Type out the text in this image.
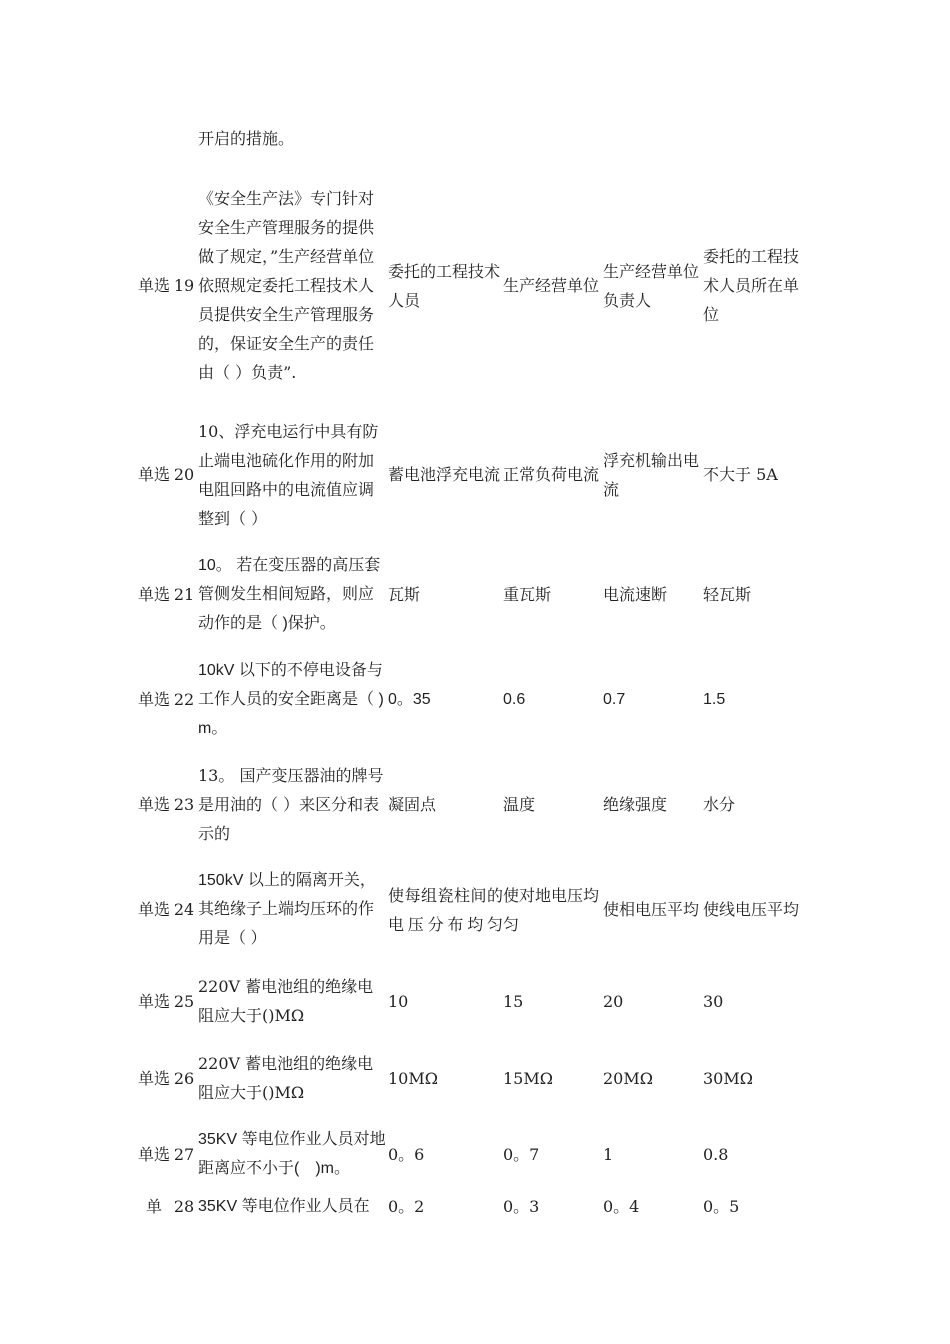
开启的措施。
单选	19	《安全生产法》专门针对安全生产管理服务的提供做了规定，”生产经营单位依照规定委托工程技术人员提供安全生产管理服务的，保证安全生产的责任由（ ）负责”.	委托的工程技术人员	生产经营单位	生产经营单位负责人	委托的工程技术人员所在单位
单选	20	10、浮充电运行中具有防止端电池硫化作用的附加电阻回路中的电流值应调整到（ ）	蓄电池浮充电流	正常负荷电流	浮充机输出电流	不大于 5A
单选	21	10。 若在变压器的高压套管侧发生相间短路，则应动作的是（ )保护。	瓦斯	重瓦斯	电流速断	轻瓦斯
单选	22	10kV 以下的不停电设备与工作人员的安全距离是（ )m。	0。35	0.6	0.7	1.5
单选	23	13。 国产变压器油的牌号是用油的（ ）来区分和表示的	凝固点	温度	绝缘强度	水分
单选	24	150kV 以上的隔离开关，其绝缘子上端均压环的作用是（ ）	使每组瓷柱间的电压分布均匀	使对地电压均匀	使相电压平均	使线电压平均
单选	25	220V 蓄电池组的绝缘电阻应大于()MΩ	10	15	20	30
单选	26	220V 蓄电池组的绝缘电阻应大于()MΩ	10MΩ	15MΩ	20MΩ	30MΩ
单选	27	35KV 等电位作业人员对地距离应不小于(　)m。	0。6	0。7	1	0.8
单	28	35KV 等电位作业人员在	0。2	0。3	0。4	0。5
